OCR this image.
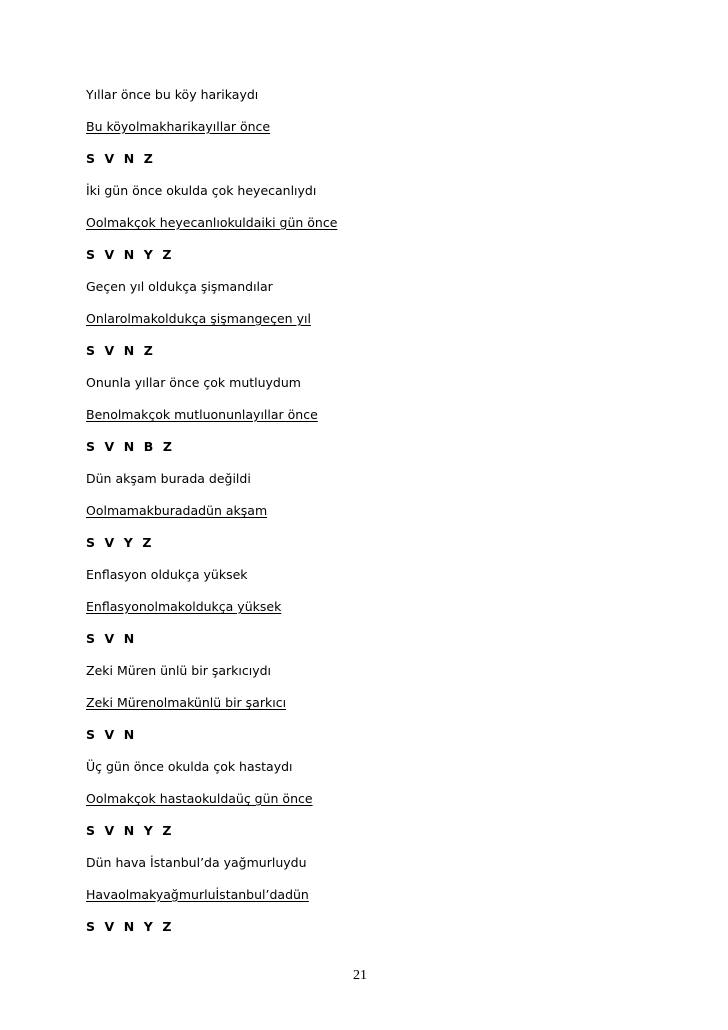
Yıllar önce bu köy harikaydı
Bu köyolmakharikayıllar önce
S V N Z
İki gün önce okulda çok heyecanlıydı
Oolmakçok heyecanlıokuldaiki gün önce
S V N Y Z
Geçen yıl oldukça şişmandılar
Onlarolmakoldukça şişmangeçen yıl
S V N Z
Onunla yıllar önce çok mutluydum
Benolmakçok mutluonunlayıllar önce
S V N B Z
Dün akşam burada değildi
Oolmamakburadadün akşam
S V Y Z
Enflasyon oldukça yüksek
Enflasyonolmakoldukça yüksek
S V N
Zeki Müren ünlü bir şarkıcıydı
Zeki Mürenolmakünlü bir şarkıcı
S V N
Üç gün önce okulda çok hastaydı
Oolmakçok hastaokuldaüç gün önce
S V N Y Z
Dün hava İstanbul’da yağmurluydu
Havaolmakyağmurluİstanbul’dadün
S V N Y Z
21
